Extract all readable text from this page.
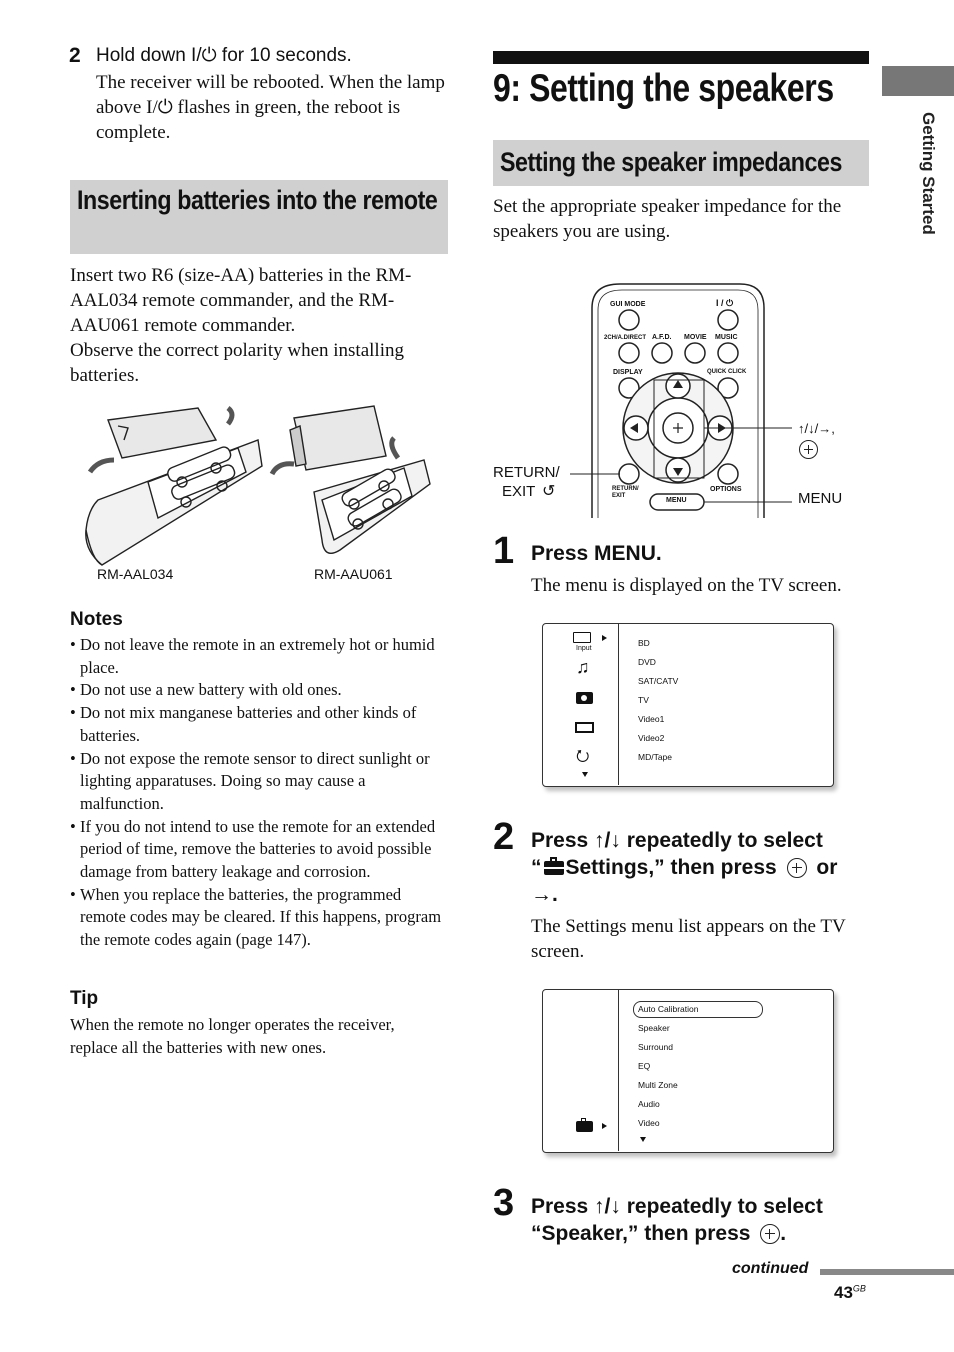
2 Hold down I/⏻ for 10 seconds.
The receiver will be rebooted. When the lamp above I/⏻ flashes in green, the reboot is complete.
Inserting batteries into the remote
Insert two R6 (size-AA) batteries in the RM-AAL034 remote commander, and the RM-AAU061 remote commander.
Observe the correct polarity when installing batteries.
RM-AAL034	RM-AAU061
Notes
• Do not leave the remote in an extremely hot or humid place.
• Do not use a new battery with old ones.
• Do not mix manganese batteries and other kinds of batteries.
• Do not expose the remote sensor to direct sunlight or lighting apparatuses. Doing so may cause a malfunction.
• If you do not intend to use the remote for an extended period of time, remove the batteries to avoid possible damage from battery leakage and corrosion.
• When you replace the batteries, the programmed remote codes may be cleared. If this happens, program the remote codes again (page 147).
Tip
When the remote no longer operates the receiver, replace all the batteries with new ones.
9: Setting the speakers
Setting the speaker impedances
Set the appropriate speaker impedance for the speakers you are using.
GUI MODE	I / ⏻
2CH/A.DIRECT A.F.D. MOVIE MUSIC
DISPLAY	QUICK CLICK
RETURN/ EXIT
OPTIONS
MENU
↑/↓/→,
MENU
RETURN/
EXIT ↺
1 Press MENU.
The menu is displayed on the TV screen.
Input
♫
⭮
BD
DVD
SAT/CATV
TV
Video1
Video2
MD/Tape
2 Press ↑/↓ repeatedly to select
“ Settings,” then press or
→.
The Settings menu list appears on the TV screen.
Auto Calibration
Speaker
Surround
EQ
Multi Zone
Audio
Video
3 Press ↑/↓ repeatedly to select
“Speaker,” then press .
Getting Started
continued
$43^{GB}$
